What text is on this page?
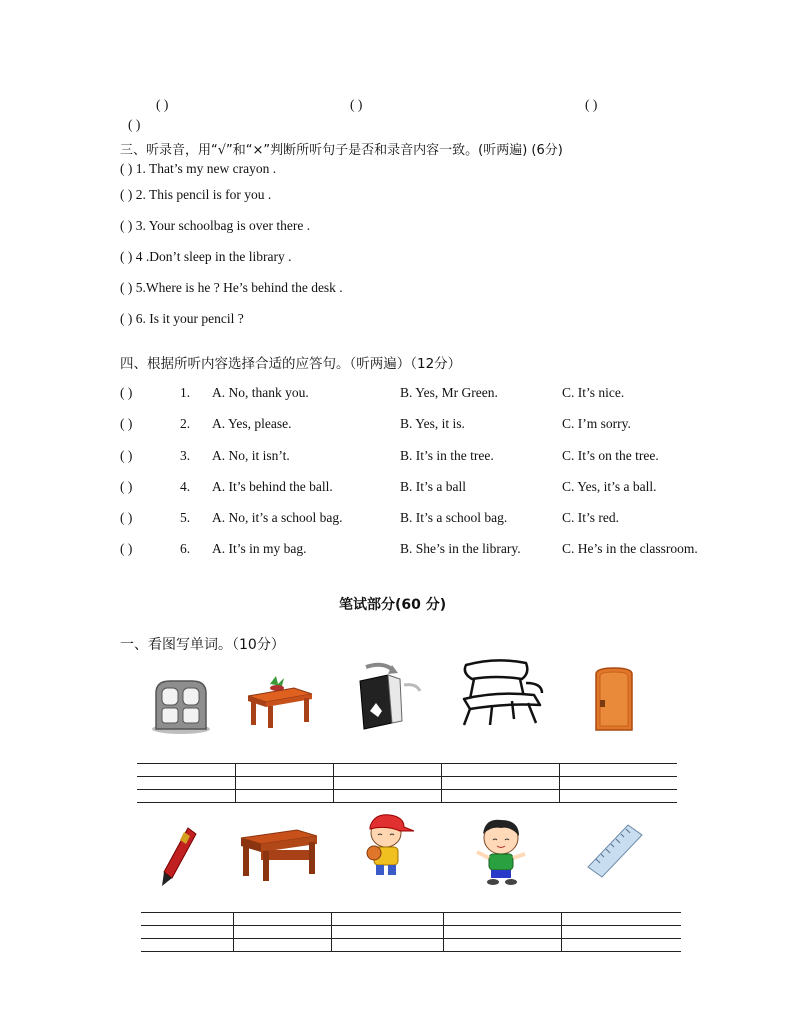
( )	( )	( )
( )
三、听录音，用“√”和“×”判断所听句子是否和录音内容一致。(听两遍) (6分)
( ) 1. That’s my new crayon .
( ) 2. This pencil is for you .
( ) 3. Your schoolbag is over there .
( ) 4 .Don’t sleep in the library .
( ) 5.Where is he ? He’s behind the desk .
( ) 6. Is it your pencil ?
四、根据所听内容选择合适的应答句。（听两遍）（12分）
( )	1. A. No, thank you.	B. Yes, Mr Green.	C. It’s nice.
( )	2. A. Yes, please.	B. Yes, it is.	C. I’m sorry.
( )	3. A. No, it isn’t.	B. It’s in the tree.	C. It’s on the tree.
( )	4. A. It’s behind the ball.	B. It’s a ball	C. Yes, it’s a ball.
( )	5. A. No, it’s a school bag.	B. It’s a school bag.	C. It’s red.
( )	6. A. It’s in my bag.	B. She’s in the library.	C. He’s in the classroom.
笔试部分(60 分)
一、看图写单词。（10分）
